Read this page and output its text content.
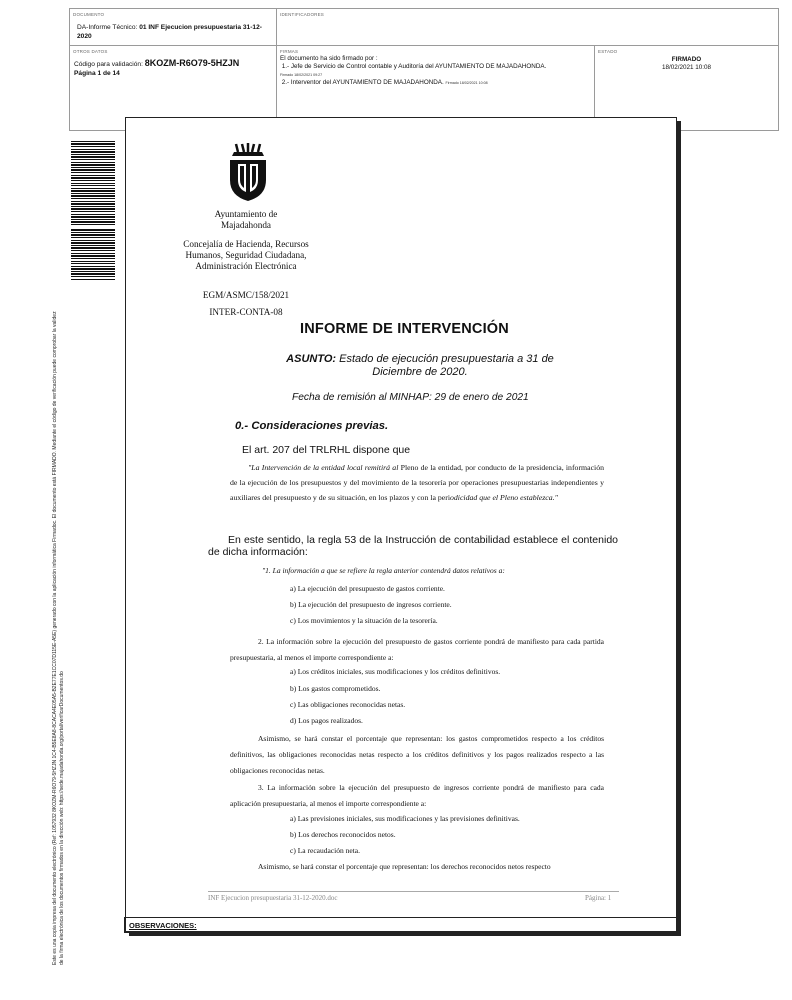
DOCUMENTO
DA-Informe Técnico: 01 INF Ejecucion presupuestaria 31-12-2020
IDENTIFICADORES
OTROS DATOS
Código para validación: 8KOZM-R6O79-5HZJN
Página 1 de 14
FIRMAS
El documento ha sido firmado por :
1.- Jefe de Servicio de Control contable y Auditoría del AYUNTAMIENTO DE MAJADAHONDA.
Firmado 18/02/2021 09:27
2.- Interventor del AYUNTAMIENTO DE MAJADAHONDA. Firmado 18/02/2021 10:08
ESTADO
FIRMADO
18/02/2021 10:08
Este es una copia impresa del documento electrónico (Ref: 1057932 8KOZM-R6O79-5HZJN 1C4-B5E8A8-8CACA4E05A5-B2E77E1CC07D115E-A5E) generado con la aplicación informática Firmadoc. El documento está FIRMADO. Mediante el código de verificación puede comprobar la validez de la firma electrónica de los documentos firmados en la dirección web: https://sede.majadahonda.org/portal/verificarDocumentos.do
Ayuntamiento de Majadahonda
Concejalía de Hacienda, Recursos Humanos, Seguridad Ciudadana, Administración Electrónica
EGM/ASMC/158/2021
INTER-CONTA-08
INFORME DE INTERVENCIÓN
ASUNTO: Estado de ejecución presupuestaria a 31 de Diciembre de 2020.
Fecha de remisión al MINHAP: 29 de enero de 2021
0.- Consideraciones previas.
El art. 207 del TRLRHL dispone que
"La Intervención de la entidad local remitirá al Pleno de la entidad, por conducto de la presidencia, información de la ejecución de los presupuestos y del movimiento de la tesorería por operaciones presupuestarias independientes y auxiliares del presupuesto y de su situación, en los plazos y con la periodicidad que el Pleno establezca."
En este sentido, la regla 53 de la Instrucción de contabilidad establece el contenido de dicha información:
"1. La información a que se refiere la regla anterior contendrá datos relativos a:
a) La ejecución del presupuesto de gastos corriente.
b) La ejecución del presupuesto de ingresos corriente.
c) Los movimientos y la situación de la tesorería.
2. La información sobre la ejecución del presupuesto de gastos corriente pondrá de manifiesto para cada partida presupuestaria, al menos el importe correspondiente a:
a) Los créditos iniciales, sus modificaciones y los créditos definitivos.
b) Los gastos comprometidos.
c) Las obligaciones reconocidas netas.
d) Los pagos realizados.
Asimismo, se hará constar el porcentaje que representan: los gastos comprometidos respecto a los créditos definitivos, las obligaciones reconocidas netas respecto a los créditos definitivos y los pagos realizados respecto a las obligaciones reconocidas netas.
3. La información sobre la ejecución del presupuesto de ingresos corriente pondrá de manifiesto para cada aplicación presupuestaria, al menos el importe correspondiente a:
a) Las previsiones iniciales, sus modificaciones y las previsiones definitivas.
b) Los derechos reconocidos netos.
c) La recaudación neta.
Asimismo, se hará constar el porcentaje que representan: los derechos reconocidos netos respecto
INF Ejecucion presupuestaria 31-12-2020.doc	Página: 1
OBSERVACIONES:
